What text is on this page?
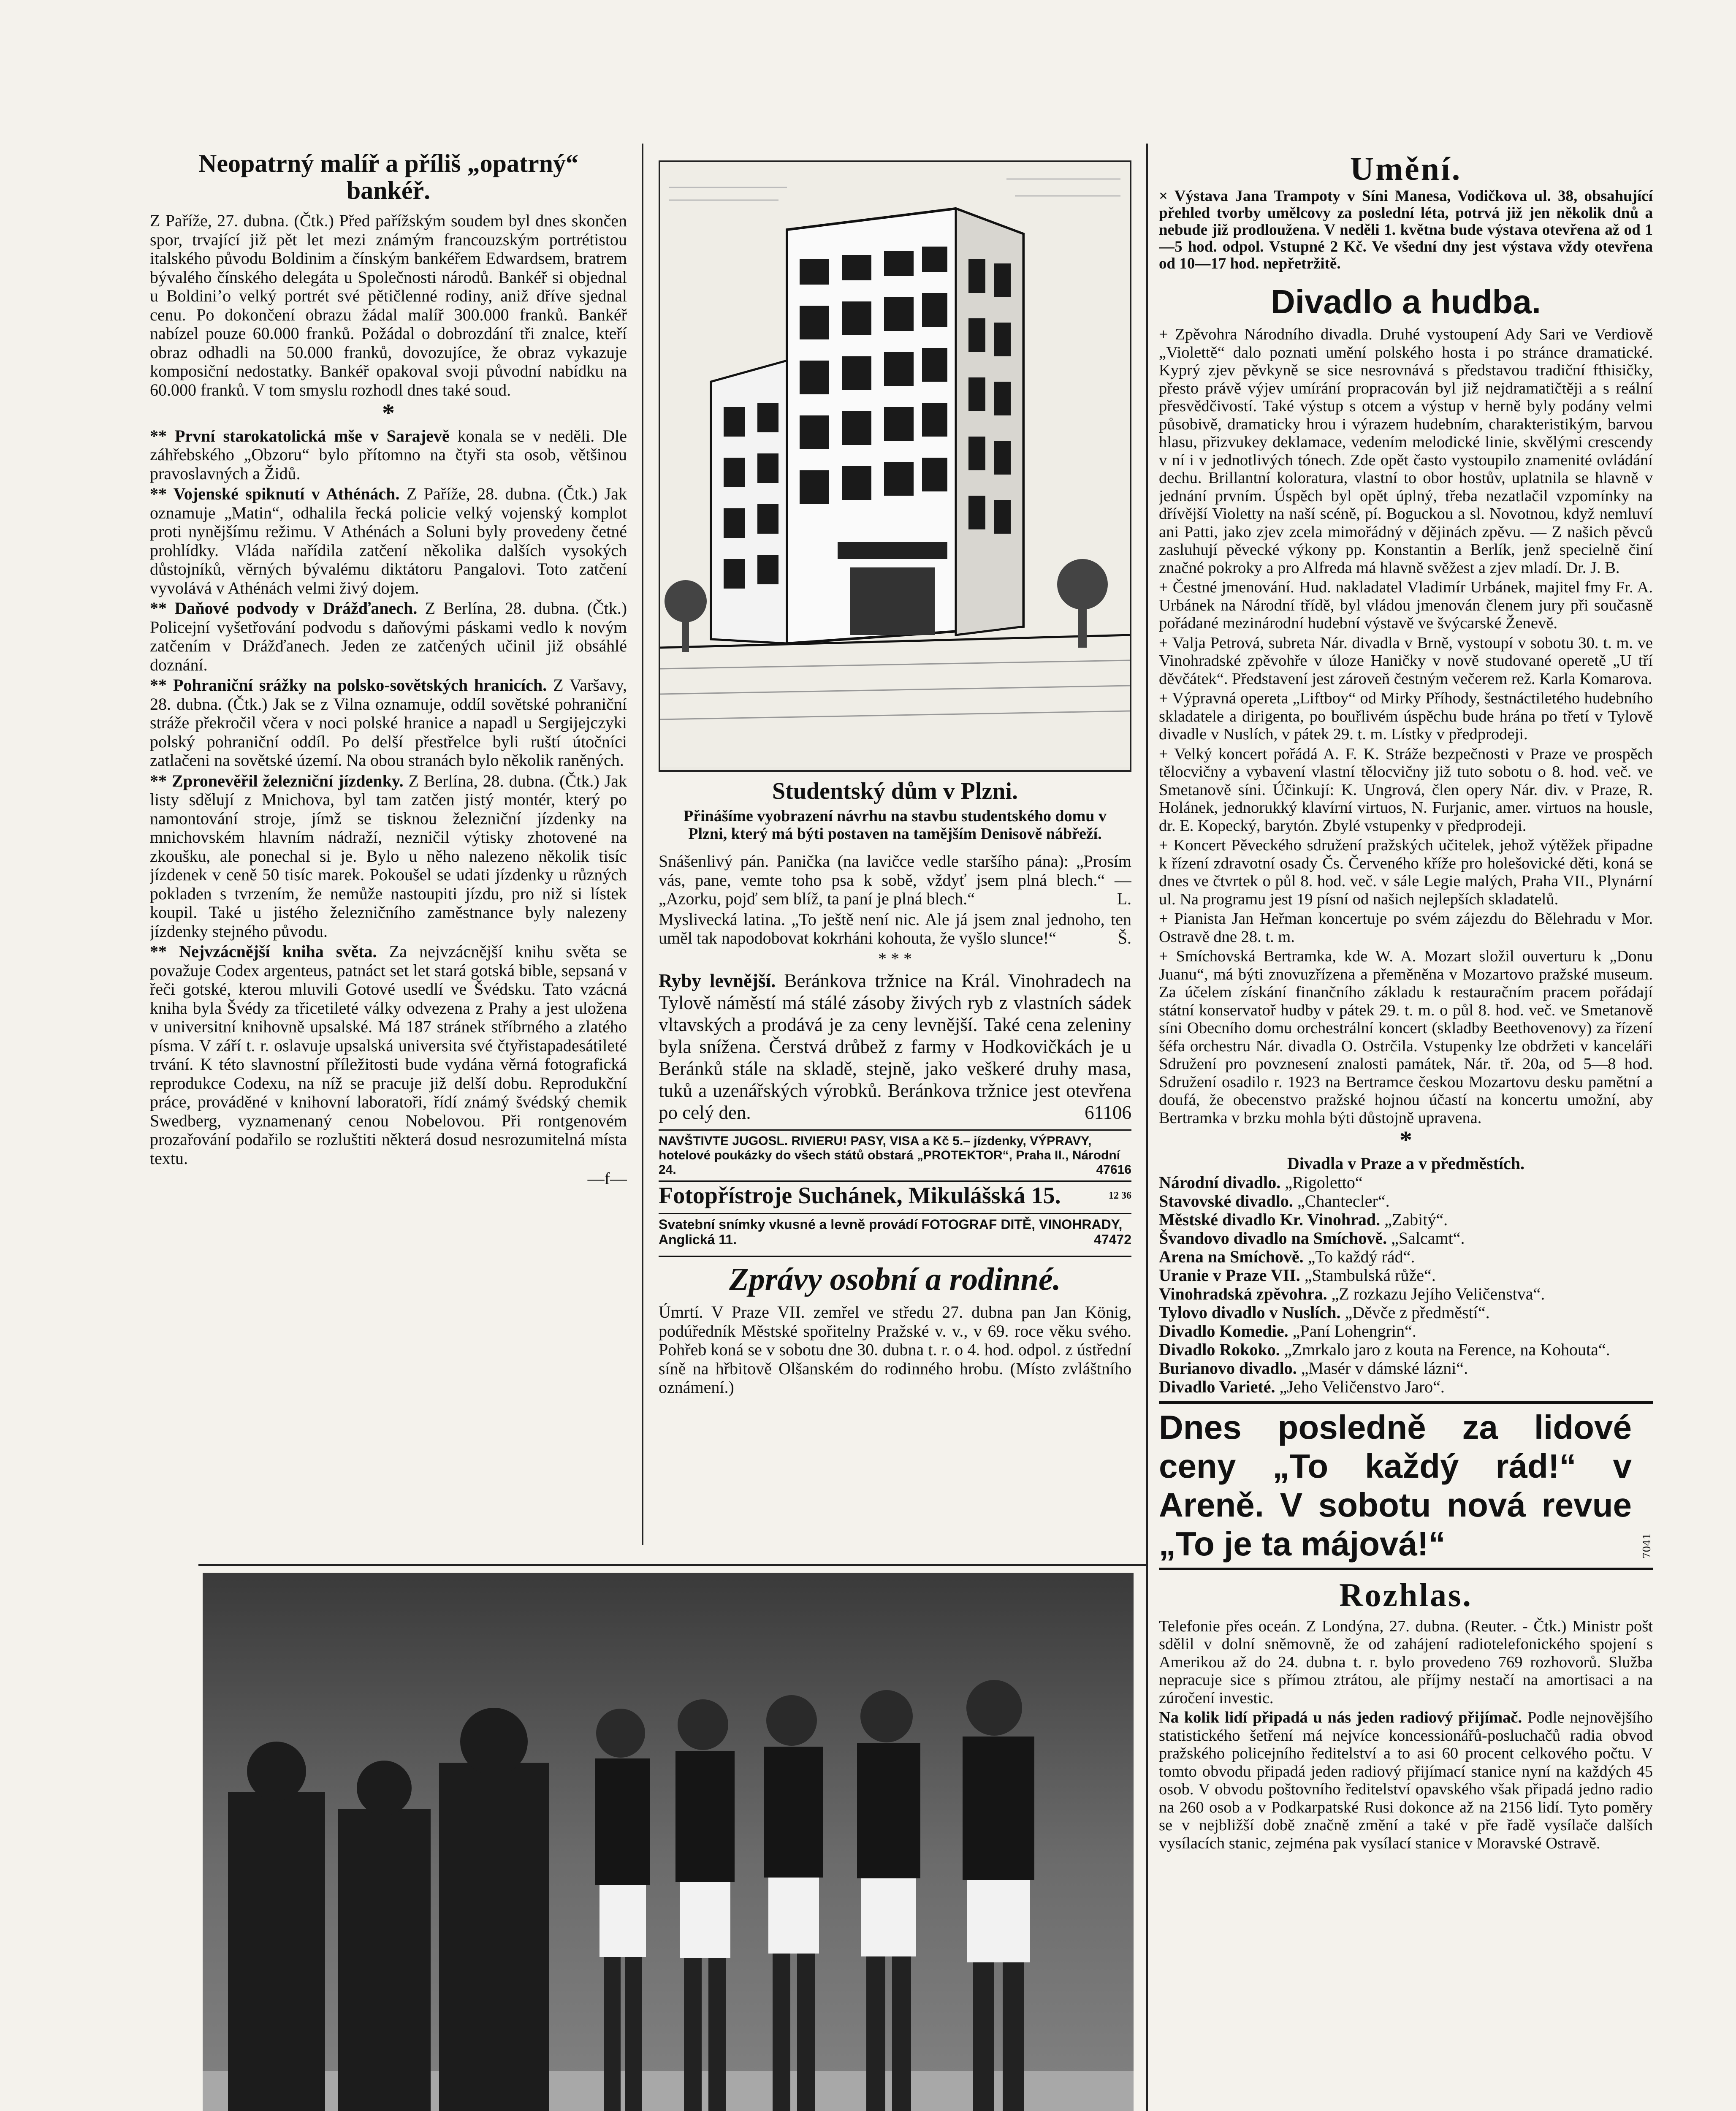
Neopatrný malíř a příliš „opatrný“ bankéř.

Z Paříže, 27. dubna. (Čtk.) Před pařížským soudem byl dnes skončen spor, trvající již pět let mezi známým francouzským portrétistou italského původu Boldinim a čínským bankéřem Edwardsem, bratrem bývalého čínského delegáta u Společnosti národů. Bankéř si objednal u Boldini’o velký portrét své pětičlenné rodiny, aniž dříve sjednal cenu. Po dokončení obrazu žádal malíř 300.000 franků. Bankéř nabízel pouze 60.000 franků. Požádal o dobrozdání tři znalce, kteří obraz odhadli na 50.000 franků, dovozujíce, že obraz vykazuje komposiční nedostatky. Bankéř opakoval svoji původní nabídku na 60.000 franků. V tom smyslu rozhodl dnes také soud.

*

** První starokatolická mše v Sarajevě konala se v neděli. Dle záhřebského „Obzoru“ bylo přítomno na čtyři sta osob, většinou pravoslavných a Židů.

** Vojenské spiknutí v Athénách. Z Paříže, 28. dubna. (Čtk.) Jak oznamuje „Matin“, odhalila řecká policie velký vojenský komplot proti nynějšímu režimu. V Athénách a Soluni byly provedeny četné prohlídky. Vláda nařídila zatčení několika dalších vysokých důstojníků, věrných bývalému diktátoru Pangalovi. Toto zatčení vyvolává v Athénách velmi živý dojem.

** Daňové podvody v Drážďanech. Z Berlína, 28. dubna. (Čtk.) Policejní vyšetřování podvodu s daňovými páskami vedlo k novým zatčením v Drážďanech. Jeden ze zatčených učinil již obsáhlé doznání.

** Pohraniční srážky na polsko-sovětských hranicích. Z Varšavy, 28. dubna. (Čtk.) Jak se z Vilna oznamuje, oddíl sovětské pohraniční stráže překročil včera v noci polské hranice a napadl u Sergijejczyki polský pohraniční oddíl. Po delší přestřelce byli ruští útočníci zatlačeni na sovětské území. Na obou stranách bylo několik raněných.

** Zpronevěřil železniční jízdenky. Z Berlína, 28. dubna. (Čtk.) Jak listy sdělují z Mnichova, byl tam zatčen jistý montér, který po namontování stroje, jímž se tisknou železniční jízdenky na mnichovském hlavním nádraží, nezničil výtisky zhotovené na zkoušku, ale ponechal si je. Bylo u něho nalezeno několik tisíc jízdenek v ceně 50 tisíc marek. Pokoušel se udati jízdenky u různých pokladen s tvrzením, že nemůže nastoupiti jízdu, pro niž si lístek koupil. Také u jistého železničního zaměstnance byly nalezeny jízdenky stejného původu.

** Nejvzácnější kniha světa. Za nejvzácnější knihu světa se považuje Codex argenteus, patnáct set let stará gotská bible, sepsaná v řeči gotské, kterou mluvili Gotové usedlí ve Švédsku. Tato vzácná kniha byla Švédy za třicetileté války odvezena z Prahy a jest uložena v universitní knihovně upsalské. Má 187 stránek stříbrného a zlatého písma. V září t. r. oslavuje upsalská universita své čtyřistapadesátileté trvání. K této slavnostní příležitosti bude vydána věrná fotografická reprodukce Codexu, na níž se pracuje již delší dobu. Reprodukční práce, prováděné v knihovní laboratoři, řídí známý švédský chemik Swedberg, vyznamenaný cenou Nobelovou. Při rontgenovém prozařování podařilo se rozluštiti některá dosud nesrozumitelná místa textu.

—f—

Studentský dům v Plzni.
Přinášíme vyobrazení návrhu na stavbu studentského domu v Plzni, který má býti postaven na tamějším Denisově nábřeží.

Snášenlivý pán. Panička (na lavičce vedle staršího pána): „Prosím vás, pane, vemte toho psa k sobě, vždyť jsem plná blech.“ — „Azorku, pojď sem blíž, ta paní je plná blech.“	L.

Myslivecká latina. „To ještě není nic. Ale já jsem znal jednoho, ten uměl tak napodobovat kokrháni kohouta, že vyšlo slunce!“	Š.

* * *

Ryby levnější. Beránkova tržnice na Král. Vinohradech na Tylově náměstí má stálé zásoby živých ryb z vlastních sádek vltavských a prodává je za ceny levnější. Také cena zeleniny byla snížena. Čerstvá drůbež z farmy v Hodkovičkách je u Beránků stále na skladě, stejně, jako veškeré druhy masa, tuků a uzenářských výrobků. Beránkova tržnice jest otevřena po celý den.	61106

NAVŠTIVTE JUGOSL. RIVIERU! PASY, VISA a Kč 5.– jízdenky, VÝPRAVY, hotelové poukázky do všech států obstará „PROTEKTOR“, Praha II., Národní 24.	47616
Fotopřístroje Suchánek, Mikulášská 15.	12 36
Svatební snímky vkusné a levně provádí FOTOGRAF DITĚ, VINOHRADY, Anglická 11.	47472
Zprávy osobní a rodinné.

Úmrtí. V Praze VII. zemřel ve středu 27. dubna pan Jan König, podúředník Městské spořitelny Pražské v. v., v 69. roce věku svého. Pohřeb koná se v sobotu dne 30. dubna t. r. o 4. hod. odpol. z ústřední síně na hřbitově Olšanském do rodinného hrobu. (Místo zvláštního oznámení.)

Umění.

× Výstava Jana Trampoty v Síni Manesa, Vodičkova ul. 38, obsahující přehled tvorby umělcovy za poslední léta, potrvá již jen několik dnů a nebude již prodloužena. V neděli 1. května bude výstava otevřena až od 1—5 hod. odpol. Vstupné 2 Kč. Ve všední dny jest výstava vždy otevřena od 10—17 hod. nepřetržitě.

Divadlo a hudba.

+ Zpěvohra Národního divadla. Druhé vystoupení Ady Sari ve Verdiově „Violettě“ dalo poznati umění polského hosta i po stránce dramatické. Kyprý zjev pěvkyně se sice nesrovnává s představou tradiční fthisičky, přesto právě výjev umírání propracován byl již nejdramatičtěji a s reální přesvědčivostí. Také výstup s otcem a výstup v herně byly podány velmi působivě, dramaticky hrou i výrazem hudebním, charakteristikým, barvou hlasu, přizvukey deklamace, vedením melodické linie, skvělými crescendy v ní i v jednotlivých tónech. Zde opět často vystoupilo znamenité ovládání dechu. Brillantní koloratura, vlastní to obor hostův, uplatnila se hlavně v jednání prvním. Úspěch byl opět úplný, třeba nezatlačil vzpomínky na dřívější Violetty na naší scéně, pí. Boguckou a sl. Novotnou, když nemluví ani Patti, jako zjev zcela mimořádný v dějinách zpěvu. — Z našich pěvců zasluhují pěvecké výkony pp. Konstantin a Berlík, jenž specielně činí značné pokroky a pro Alfreda má hlavně svěžest a zjev mladí. Dr. J. B.

+ Čestné jmenování. Hud. nakladatel Vladimír Urbánek, majitel fmy Fr. A. Urbánek na Národní třídě, byl vládou jmenován členem jury při současně pořádané mezinárodní hudební výstavě ve švýcarské Ženevě.

+ Valja Petrová, subreta Nár. divadla v Brně, vystoupí v sobotu 30. t. m. ve Vinohradské zpěvohře v úloze Haničky v nově studované operetě „U tří děvčátek“. Představení jest zároveň čestným večerem rež. Karla Komarova.

+ Výpravná opereta „Liftboy“ od Mirky Příhody, šestnáctiletého hudebního skladatele a dirigenta, po bouřlivém úspěchu bude hrána po třetí v Tylově divadle v Nuslích, v pátek 29. t. m. Lístky v předprodeji.

+ Velký koncert pořádá A. F. K. Stráže bezpečnosti v Praze ve prospěch tělocvičny a vybavení vlastní tělocvičny již tuto sobotu o 8. hod. več. ve Smetanově síni. Účinkují: K. Ungrová, člen opery Nár. div. v Praze, R. Holánek, jednorukký klavírní virtuos, N. Furjanic, amer. virtuos na housle, dr. E. Kopecký, barytón. Zbylé vstupenky v předprodeji.

+ Koncert Pěveckého sdružení pražských učitelek, jehož výtěžek připadne k řízení zdravotní osady Čs. Červeného kříže pro holešovické děti, koná se dnes ve čtvrtek o půl 8. hod. več. v sále Legie malých, Praha VII., Plynární ul. Na programu jest 19 písní od našich nejlepších skladatelů.

+ Pianista Jan Heřman koncertuje po svém zájezdu do Bělehradu v Mor. Ostravě dne 28. t. m.

+ Smíchovská Bertramka, kde W. A. Mozart složil ouverturu k „Donu Juanu“, má býti znovuzřízena a přeměněna v Mozartovo pražské museum. Za účelem získání finančního základu k restauračním pracem pořádají státní konservatoř hudby v pátek 29. t. m. o půl 8. hod. več. ve Smetanově síni Obecního domu orchestrální koncert (skladby Beethovenovy) za řízení šéfa orchestru Nár. divadla O. Ostrčila. Vstupenky lze obdržeti v kanceláři Sdružení pro povznesení znalosti památek, Nár. tř. 20a, od 5—8 hod. Sdružení osadilo r. 1923 na Bertramce českou Mozartovu desku pamětní a doufá, že obecenstvo pražské hojnou účastí na koncertu umožní, aby Bertramka v brzku mohla býti důstojně upravena.

*
Divadla v Praze a v předměstích.
Národní divadlo. „Rigoletto“
Stavovské divadlo. „Chantecler“.
Městské divadlo Kr. Vinohrad. „Zabitý“.
Švandovo divadlo na Smíchově. „Salcamt“.
Arena na Smíchově. „To každý rád“.
Uranie v Praze VII. „Stambulská růže“.
Vinohradská zpěvohra. „Z rozkazu Jejího Veličenstva“.
Tylovo divadlo v Nuslích. „Děvče z předměstí“.
Divadlo Komedie. „Paní Lohengrin“.
Divadlo Rokoko. „Zmrkalo jaro z kouta na Ference, na Kohouta“.
Burianovo divadlo. „Masér v dámské lázni“.
Divadlo Varieté. „Jeho Veličenstvo Jaro“.
Dnes posledně za lidové ceny „To každý rád!“ v Areně. V sobotu nová revue „To je ta májová!“	7041
Rozhlas.

Telefonie přes oceán. Z Londýna, 27. dubna. (Reuter. - Čtk.) Ministr pošt sdělil v dolní sněmovně, že od zahájení radiotelefonického spojení s Amerikou až do 24. dubna t. r. bylo provedeno 769 rozhovorů. Služba nepracuje sice s přímou ztrátou, ale příjmy nestačí na amortisaci a na zúročení investic.

Na kolik lidí připadá u nás jeden radiový přijímač. Podle nejnovějšího statistického šetření má nejvíce koncessionářů-posluchačů radia obvod pražského policejního ředitelství a to asi 60 procent celkového počtu. V tomto obvodu připadá jeden radiový přijímací stanice nyní na každých 45 osob. V obvodu poštovního ředitelství opavského však připadá jedno radio na 260 osob a v Podkarpatské Rusi dokonce až na 2156 lidí. Tyto poměry se v nejbližší době značně změní a také v pře řadě vysílače dalších vysílacích stanic, zejména pak vysílací stanice v Moravské Ostravě.
